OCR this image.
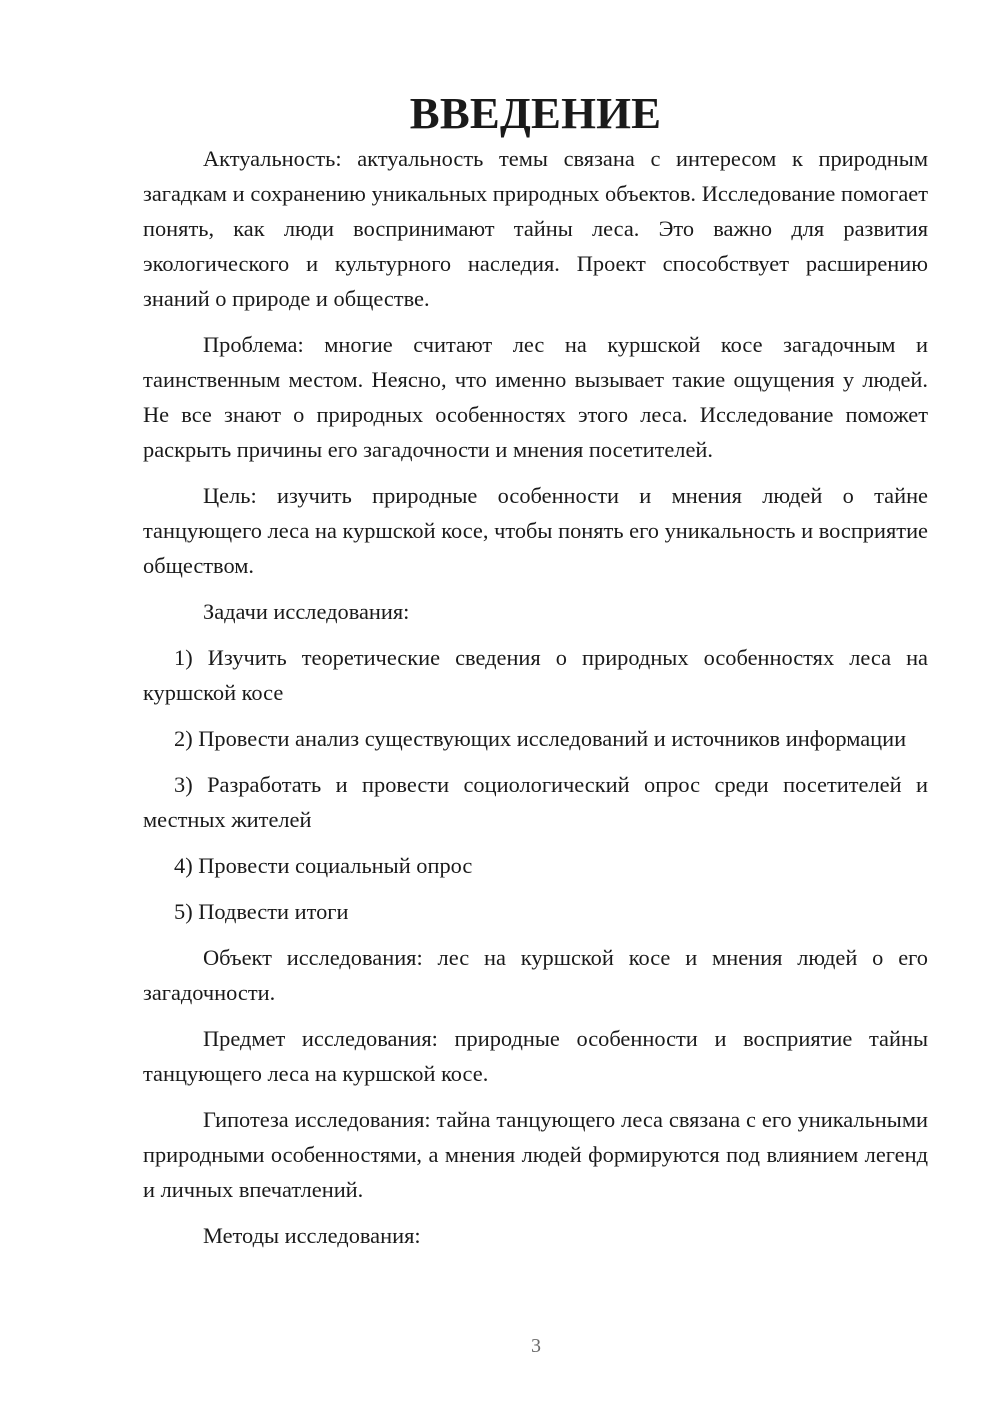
ВВЕДЕНИЕ

Актуальность: актуальность темы связана с интересом к природным загадкам и сохранению уникальных природных объектов. Исследование помогает понять, как люди воспринимают тайны леса. Это важно для развития экологического и культурного наследия. Проект способствует расширению знаний о природе и обществе.

Проблема: многие считают лес на куршской косе загадочным и таинственным местом. Неясно, что именно вызывает такие ощущения у людей. Не все знают о природных особенностях этого леса. Исследование поможет раскрыть причины его загадочности и мнения посетителей.

Цель: изучить природные особенности и мнения людей о тайне танцующего леса на куршской косе, чтобы понять его уникальность и восприятие обществом.

Задачи исследования:

1) Изучить теоретические сведения о природных особенностях леса на куршской косе

2) Провести анализ существующих исследований и источников информации

3) Разработать и провести социологический опрос среди посетителей и местных жителей

4) Провести социальный опрос

5) Подвести итоги

Объект исследования: лес на куршской косе и мнения людей о его загадочности.

Предмет исследования: природные особенности и восприятие тайны танцующего леса на куршской косе.

Гипотеза исследования: тайна танцующего леса связана с его уникальными природными особенностями, а мнения людей формируются под влиянием легенд и личных впечатлений.

Методы исследования:

3
